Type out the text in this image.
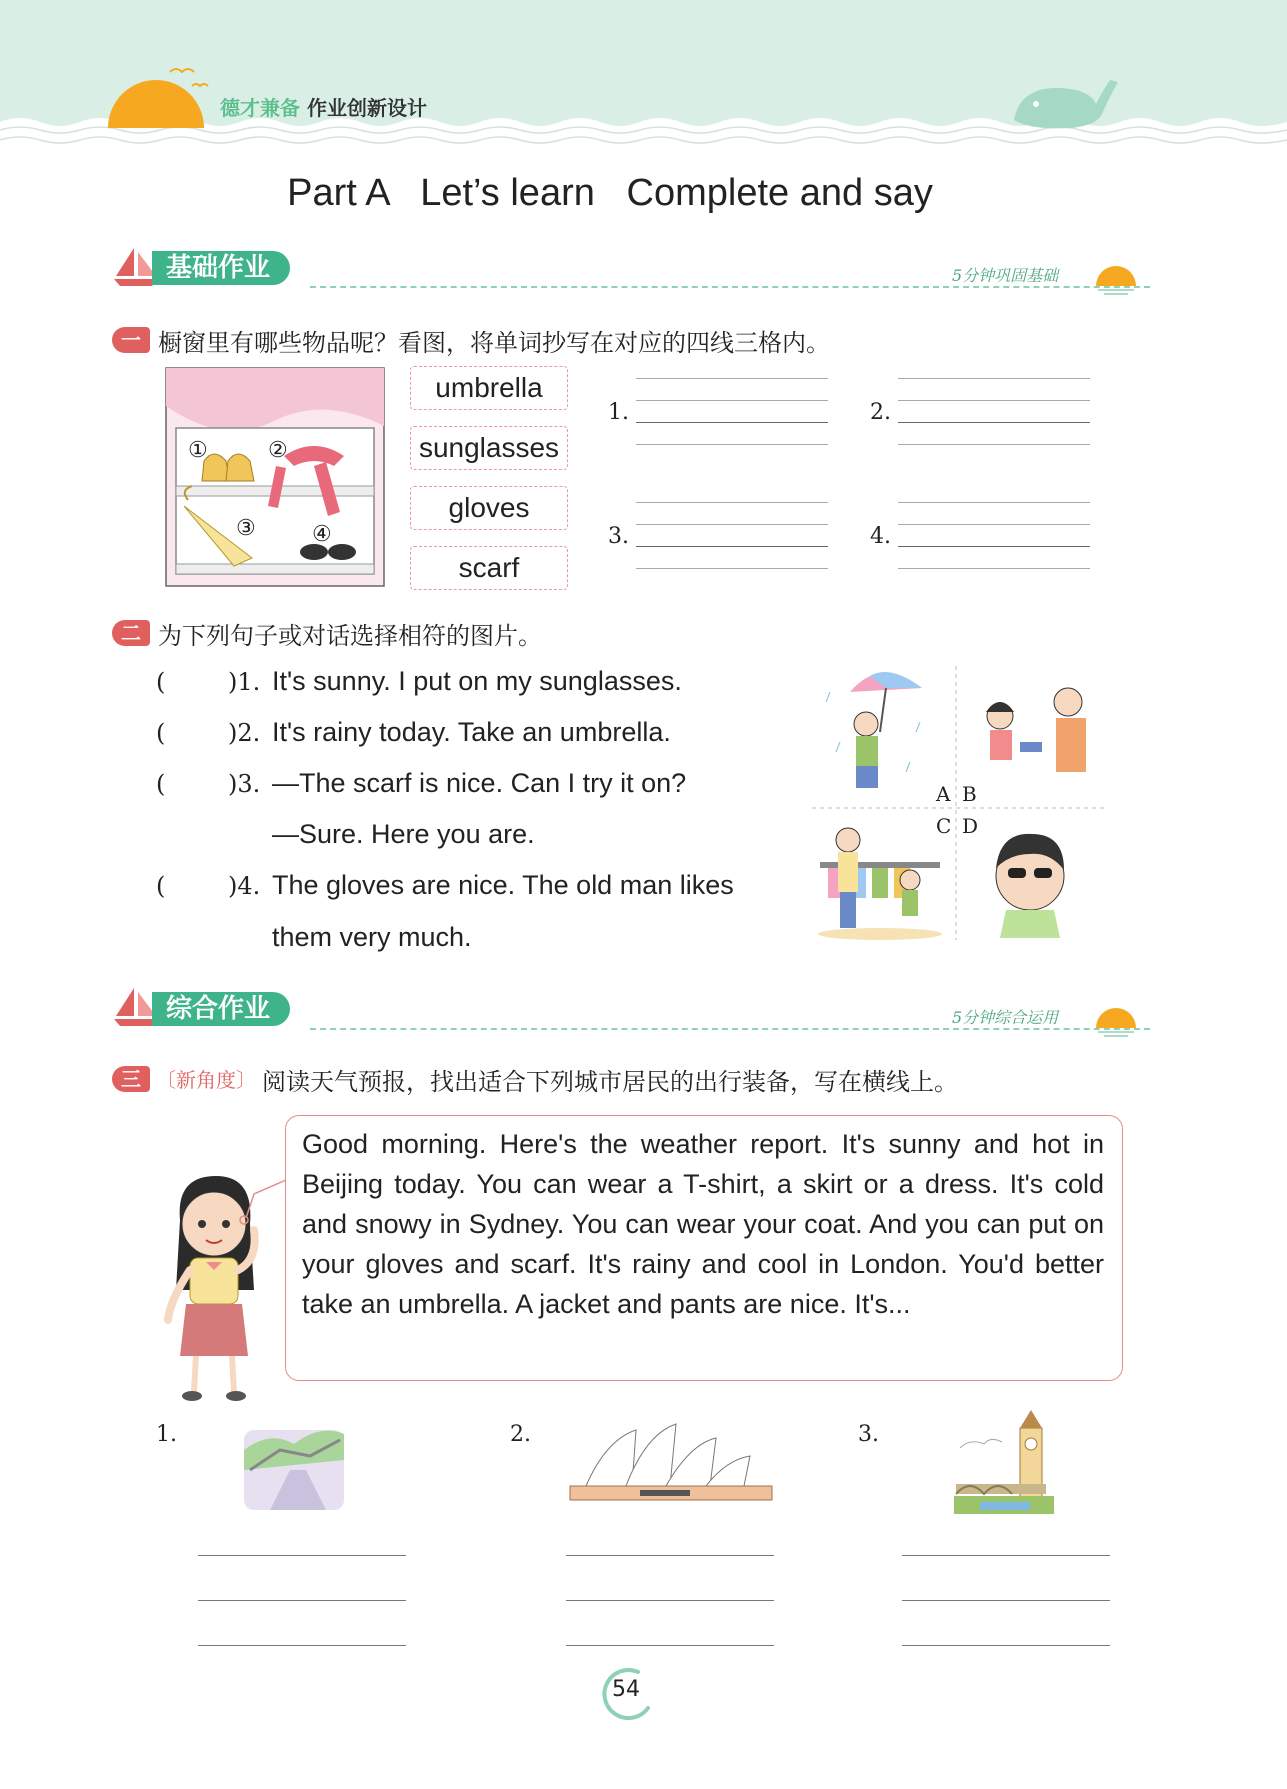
德才兼备 作业创新设计
Part A   Let’s learn   Complete and say
基础作业	5分钟巩固基础
一 橱窗里有哪些物品呢？看图，将单词抄写在对应的四线三格内。
①	②
③	④
umbrella
sunglasses
gloves
scarf
1.	2.
3.	4.
二 为下列句子或对话选择相符的图片。
(	)1. It's sunny. I put on my sunglasses.
(	)2. It's rainy today. Take an umbrella.
(	)3. —The scarf is nice. Can I try it on?
—Sure. Here you are.
(	)4. The gloves are nice. The old man likes
them very much.
A B
C D
综合作业	5分钟综合运用
三 〔新角度〕 阅读天气预报，找出适合下列城市居民的出行装备，写在横线上。
Good morning. Here's the weather report. It's sunny and hot in Beijing today. You can wear a T-shirt, a skirt or a dress. It's cold and snowy in Sydney. You can wear your coat. And you can put on your gloves and scarf. It's rainy and cool in London. You'd better take an umbrella. A jacket and pants are nice. It's...
1.	2.	3.
54
